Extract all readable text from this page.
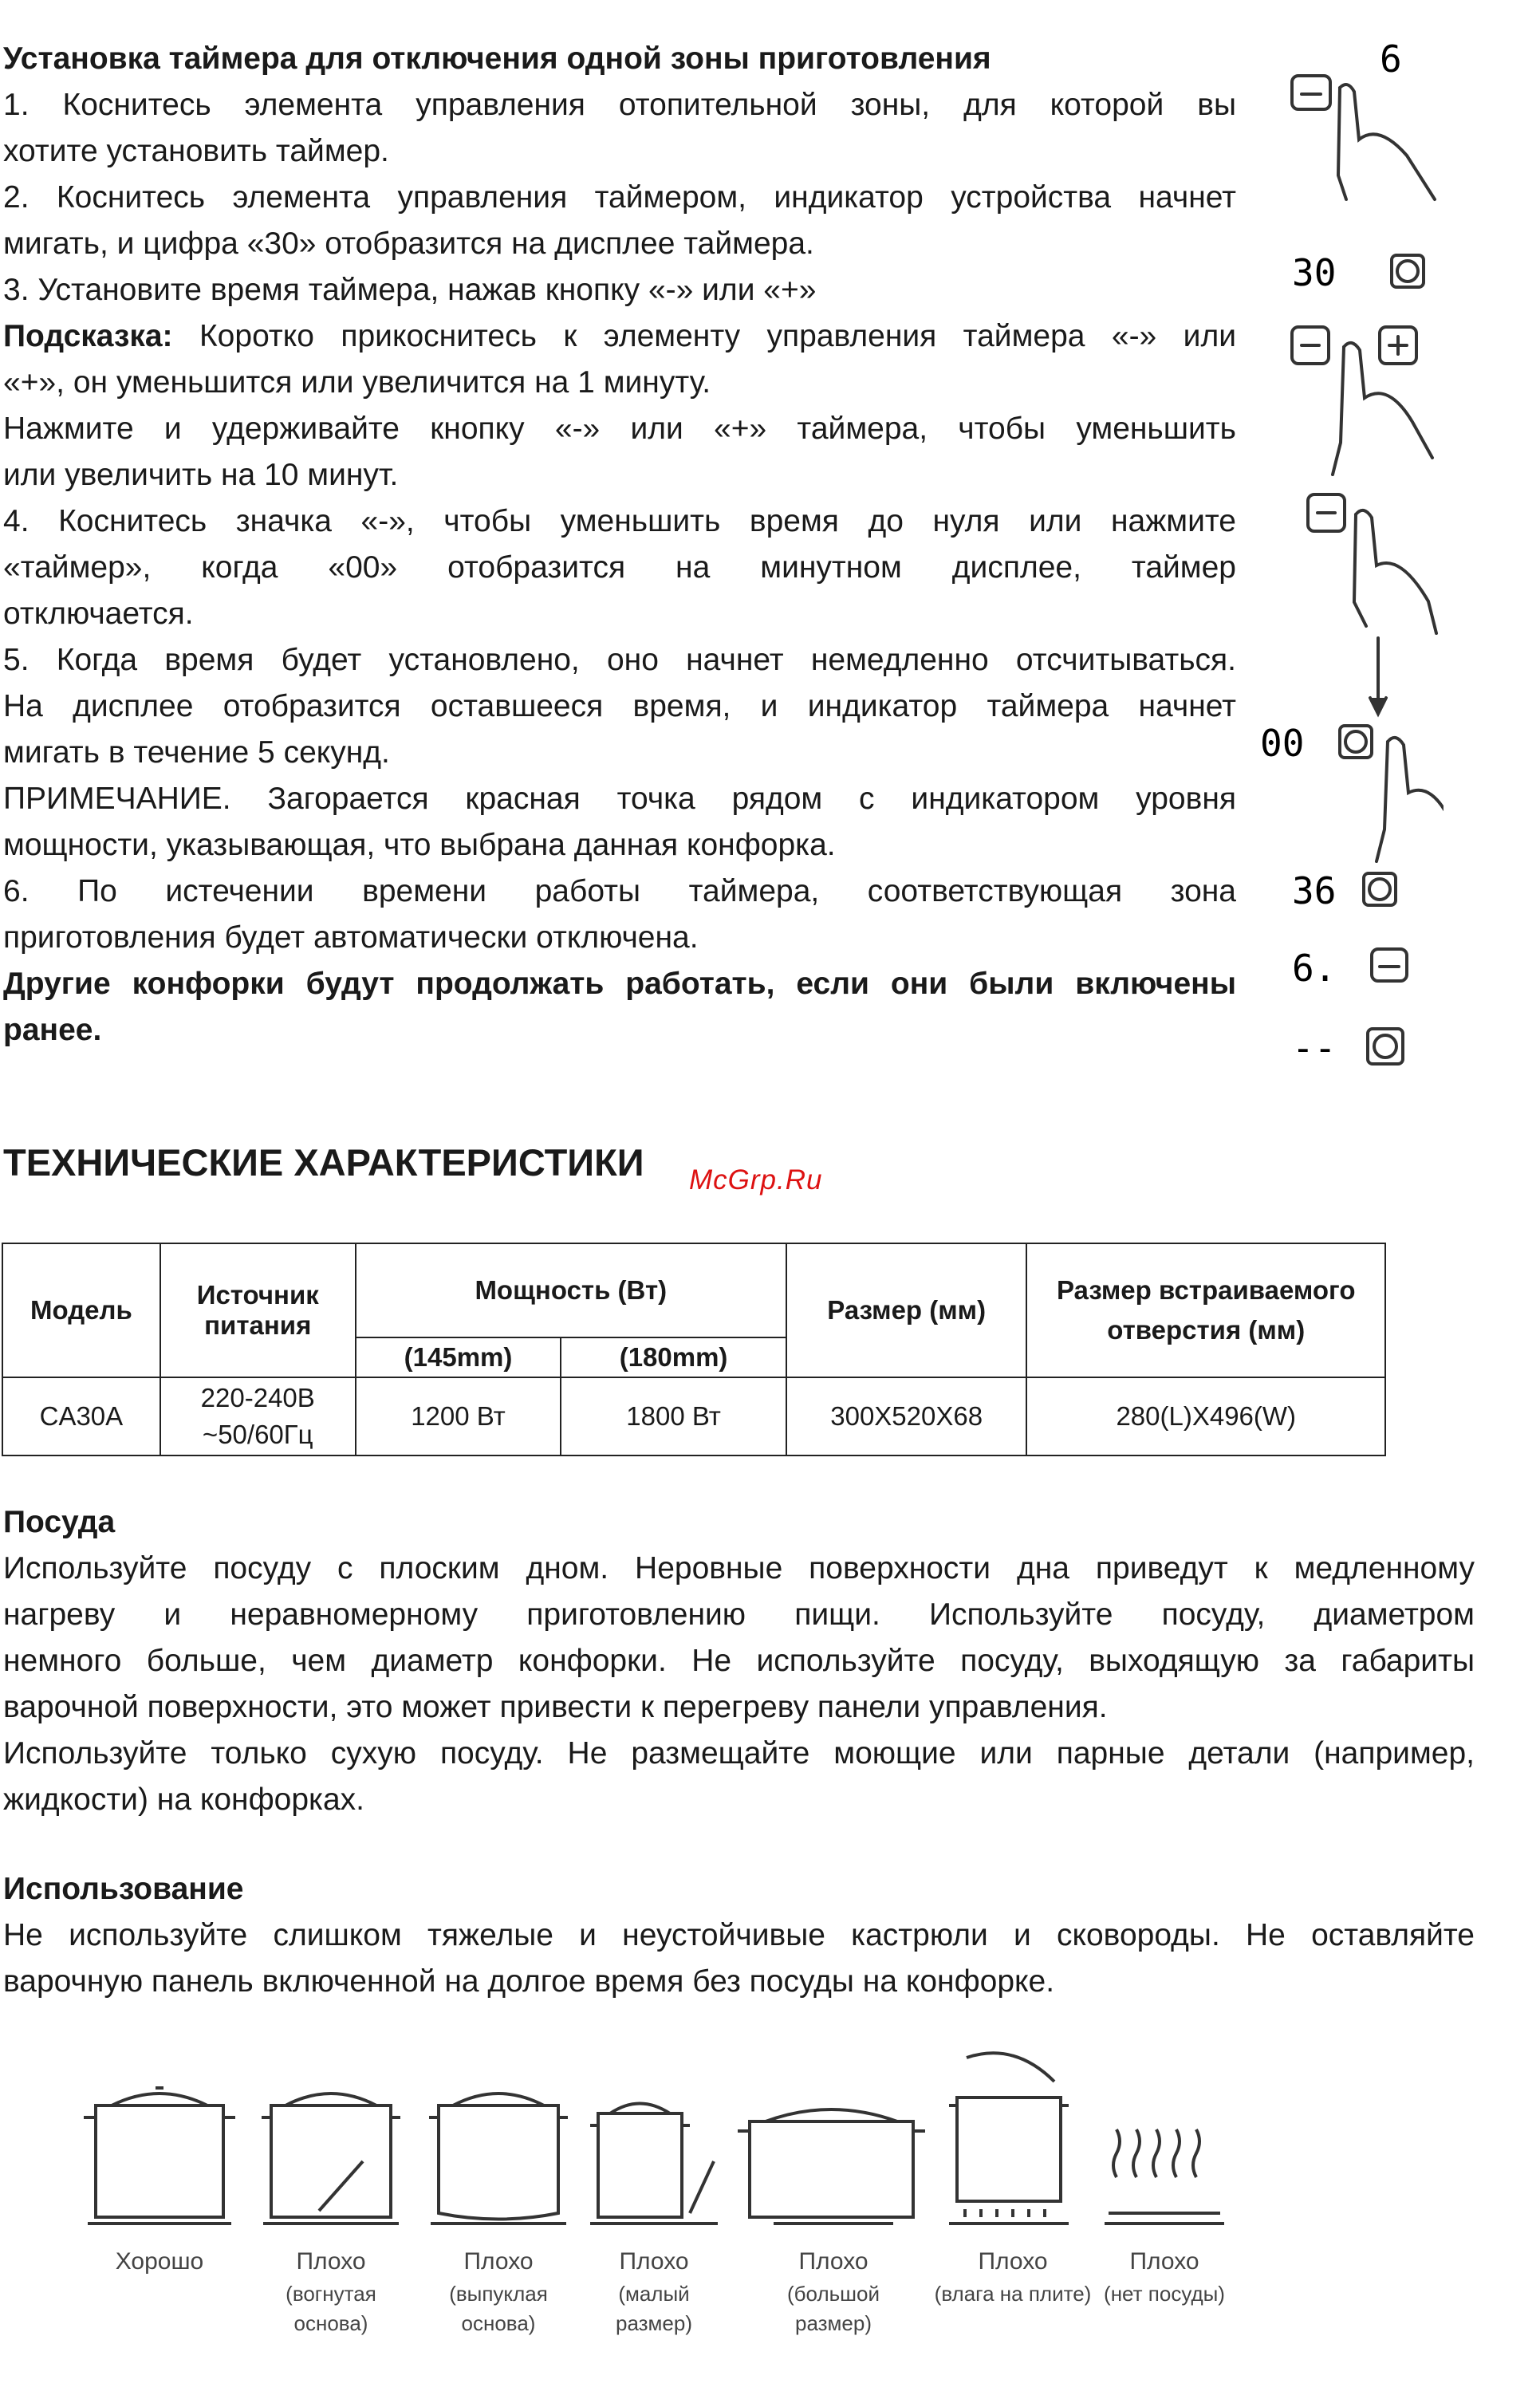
Установка таймера для отключения одной зоны приготовления
1. Коснитесь элемента управления отопительной зоны, для которой вы
хотите установить таймер.
2. Коснитесь элемента управления таймером, индикатор устройства начнет
мигать, и цифра «30» отобразится на дисплее таймера.
3. Установите время таймера, нажав кнопку «-» или «+»
Подсказка: Коротко прикоснитесь к элементу управления таймера «-» или
«+», он уменьшится или увеличится на 1 минуту.
Нажмите и удерживайте кнопку «-» или «+» таймера, чтобы уменьшить
или увеличить на 10 минут.
4. Коснитесь значка «-», чтобы уменьшить время до нуля или нажмите
«таймер», когда «00» отобразится на минутном дисплее, таймер
отключается.
5. Когда время будет установлено, оно начнет немедленно отсчитываться.
На дисплее отобразится оставшееся время, и индикатор таймера начнет
мигать в течение 5 секунд.
ПРИМЕЧАНИЕ. Загорается красная точка рядом с индикатором уровня
мощности, указывающая, что выбрана данная конфорка.
6. По истечении времени работы таймера, соответствующая зона
приготовления будет автоматически отключена.
Другие конфорки будут продолжать работать, если они были включены
ранее.
6
30
00
36
6.
--
ТЕХНИЧЕСКИЕ ХАРАКТЕРИСТИКИ McGrp.Ru
Модель	Источник питания	Мощность (Вт)		Размер (мм)	Размер встраиваемого отверстия (мм)
		(145mm)	(180mm)		
CA30A	220-240В ~50/60Гц	1200 Вт	1800 Вт	300X520X68	280(L)X496(W)
Посуда
Используйте посуду с плоским дном. Неровные поверхности дна приведут к медленному
нагреву и неравномерному приготовлению пищи. Используйте посуду, диаметром
немного больше, чем диаметр конфорки. Не используйте посуду, выходящую за габариты
варочной поверхности, это может привести к перегреву панели управления.
Используйте только сухую посуду. Не размещайте моющие или парные детали (например,
жидкости) на конфорках.
Использование
Не используйте слишком тяжелые и неустойчивые кастрюли и сковороды. Не оставляйте
варочную панель включенной на долгое время без посуды на конфорке.
Хорошо	Плохо
(вогнутая
основа)
Плохо
(выпуклая
основа)
Плохо
(малый
размер)
Плохо
(большой
размер)
Плохо
(влага на плите)
Плохо
(нет посуды)
